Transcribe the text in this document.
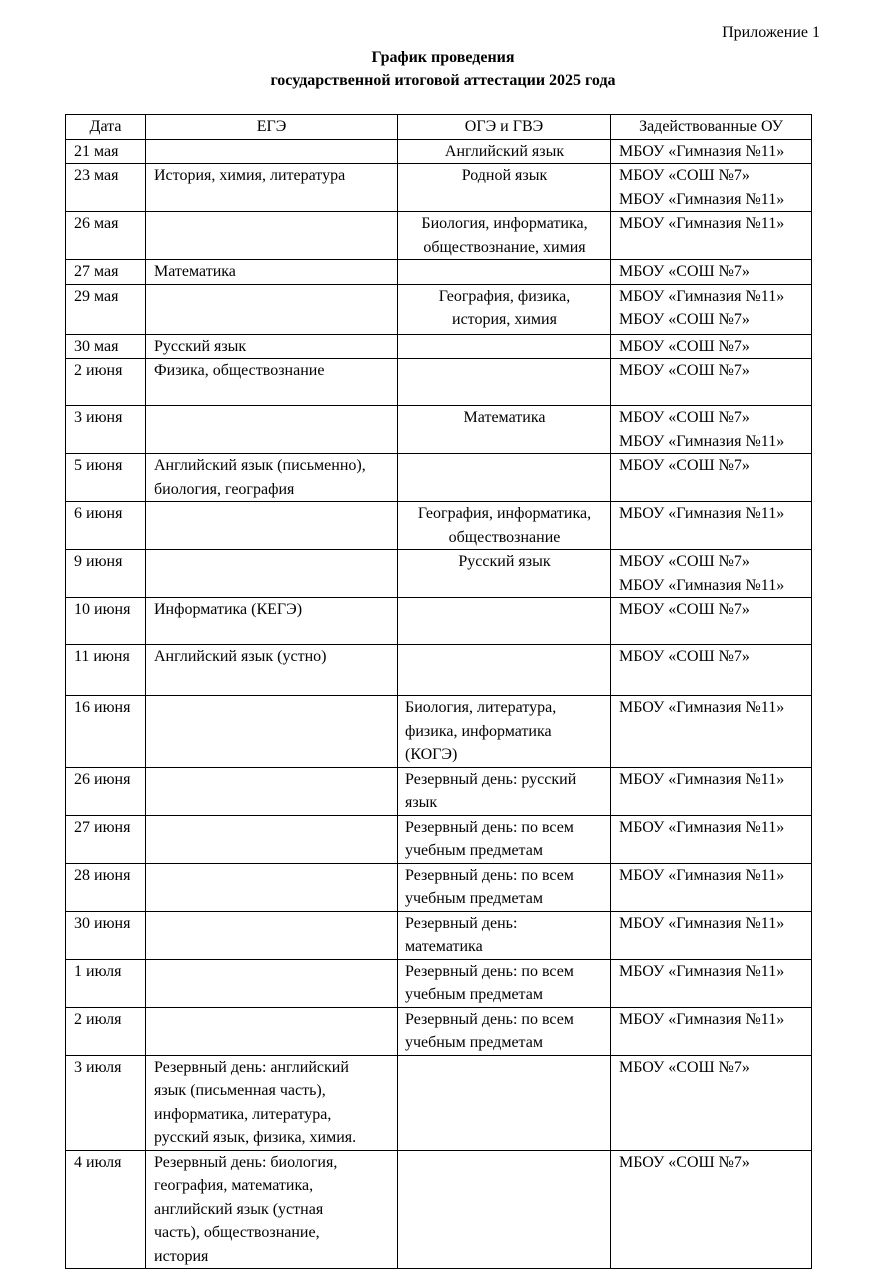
Приложение 1
График проведения
государственной итоговой аттестации 2025 года
Дата	ЕГЭ	ОГЭ и ГВЭ	Задействованные ОУ
21 мая		Английский язык	МБОУ «Гимназия №11»

23 мая	История, химия, литература	Родной язык	МБОУ «СОШ №7»
МБОУ «Гимназия №11»

26 мая		Биология, информатика,
обществознание, химия	МБОУ «Гимназия №11»

27 мая	Математика		МБОУ «СОШ №7»

29 мая		География, физика,
история, химия	МБОУ «Гимназия №11»
МБОУ «СОШ №7»

30 мая	Русский язык		МБОУ «СОШ №7»

2 июня	Физика, обществознание		МБОУ «СОШ №7»

3 июня		Математика	МБОУ «СОШ №7»
МБОУ «Гимназия №11»

5 июня	Английский язык (письменно),
биология, география		МБОУ «СОШ №7»

6 июня		География, информатика,
обществознание	МБОУ «Гимназия №11»

9 июня		Русский язык	МБОУ «СОШ №7»
МБОУ «Гимназия №11»

10 июня	Информатика (КЕГЭ)		МБОУ «СОШ №7»

11 июня	Английский язык (устно)		МБОУ «СОШ №7»

16 июня		Биология, литература,
физика, информатика
(КОГЭ)	МБОУ «Гимназия №11»

26 июня		Резервный день: русский
язык	МБОУ «Гимназия №11»

27 июня		Резервный день: по всем
учебным предметам	МБОУ «Гимназия №11»

28 июня		Резервный день: по всем
учебным предметам	МБОУ «Гимназия №11»

30 июня		Резервный день:
математика	МБОУ «Гимназия №11»

1 июля		Резервный день: по всем
учебным предметам	МБОУ «Гимназия №11»

2 июля		Резервный день: по всем
учебным предметам	МБОУ «Гимназия №11»

3 июля	Резервный день: английский
язык (письменная часть),
информатика, литература,
русский язык, физика, химия.		МБОУ «СОШ №7»

4 июля	Резервный день: биология,
география, математика,
английский язык (устная
часть), обществознание,
история		МБОУ «СОШ №7»
